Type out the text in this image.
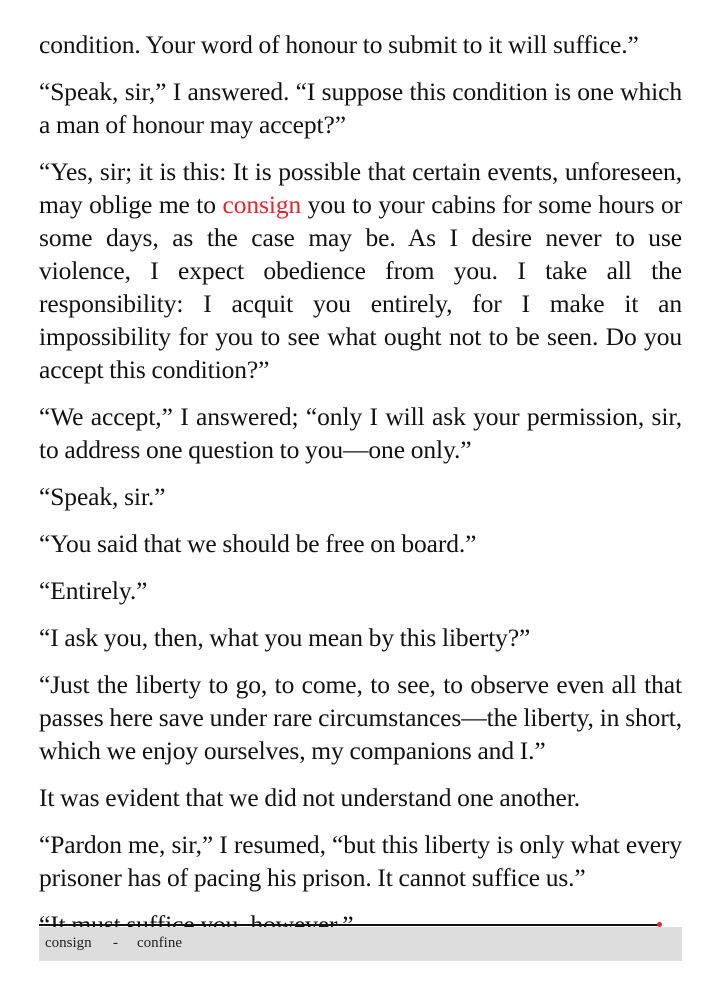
condition. Your word of honour to submit to it will suffice.”

“Speak, sir,” I answered. “I suppose this condition is one which a man of honour may accept?”

“Yes, sir; it is this: It is possible that certain events, unforeseen, may oblige me to consign you to your cabins for some hours or some days, as the case may be. As I desire never to use violence, I expect obedience from you. I take all the responsibility: I acquit you entirely, for I make it an impossibility for you to see what ought not to be seen. Do you accept this condition?”

“We accept,” I answered; “only I will ask your permission, sir, to address one question to you—one only.”

“Speak, sir.”

“You said that we should be free on board.”

“Entirely.”

“I ask you, then, what you mean by this liberty?”

“Just the liberty to go, to come, to see, to observe even all that passes here save under rare circumstances—the liberty, in short, which we enjoy ourselves, my companions and I.”

It was evident that we did not understand one another.

“Pardon me, sir,” I resumed, “but this liberty is only what every prisoner has of pacing his prison. It cannot suffice us.”

consign - confine
